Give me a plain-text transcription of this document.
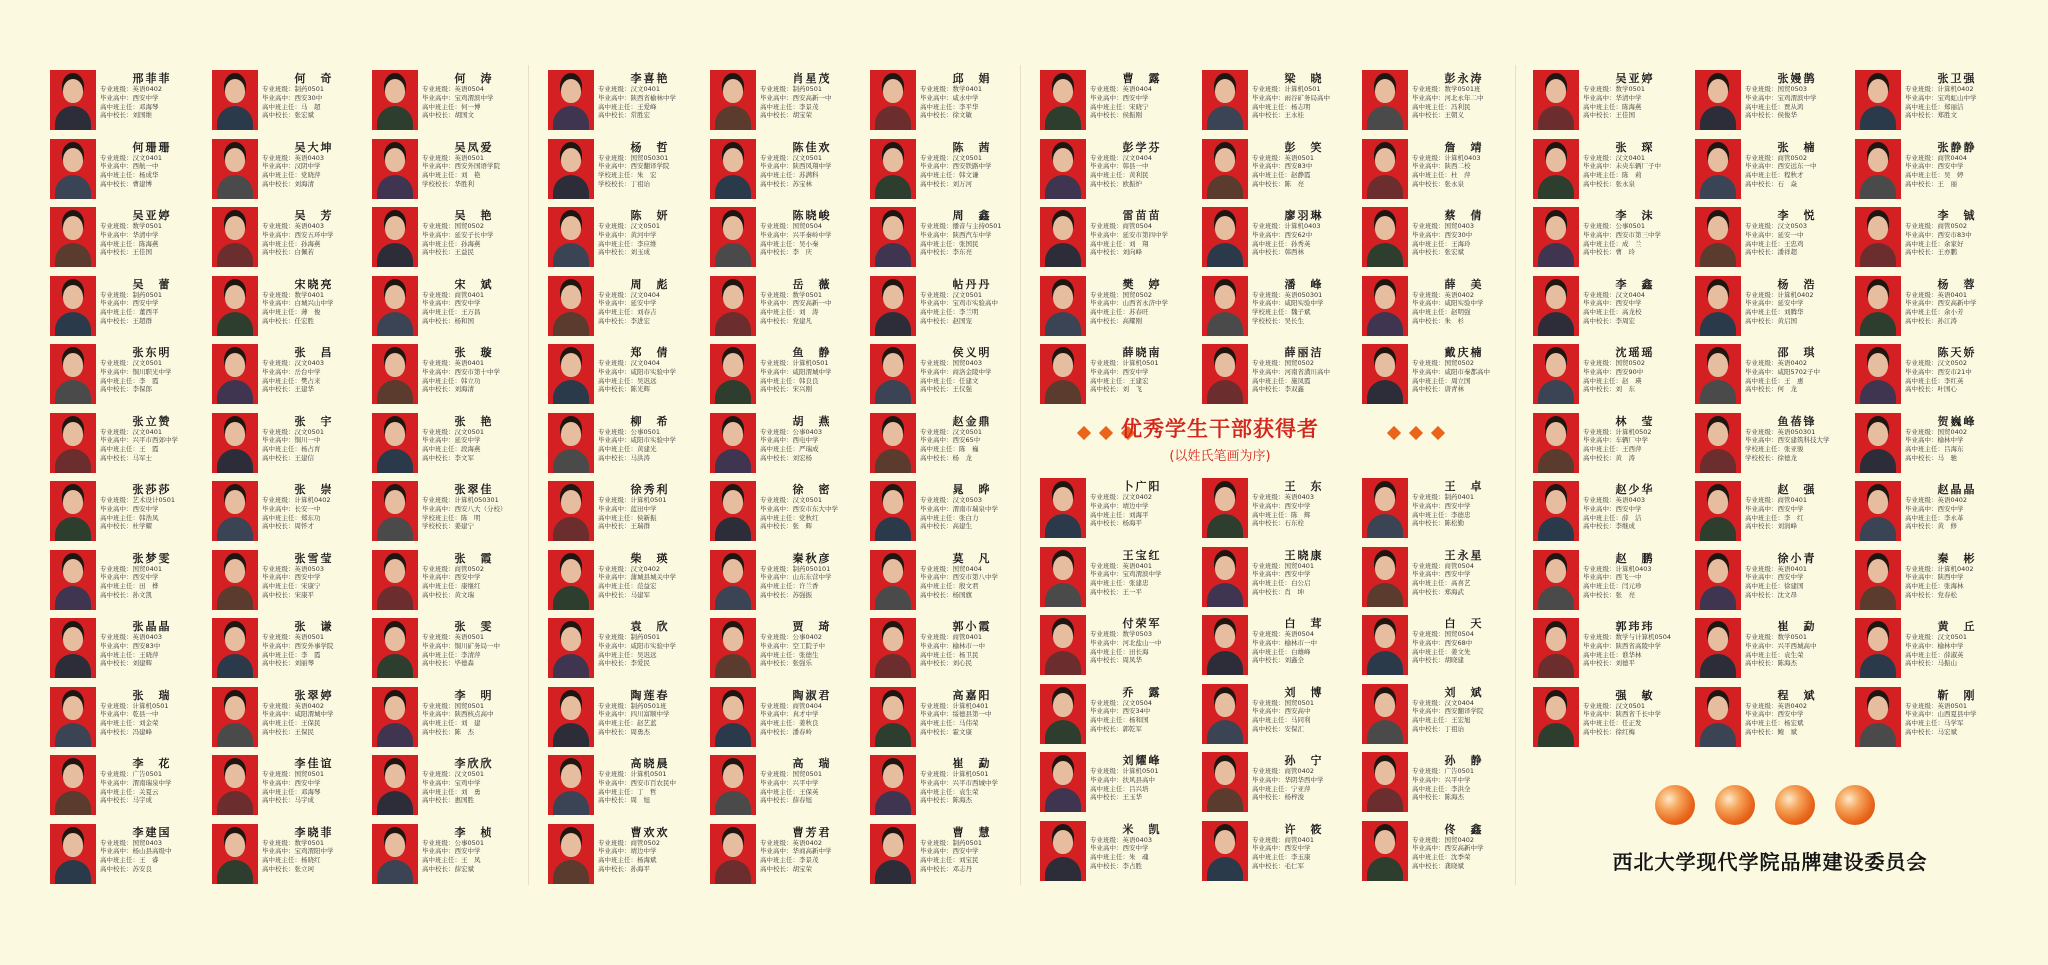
邢菲菲
专业班级：英语0402
毕业高中：西安中学
高中班主任：邓海琴
高中校长：刘国维
何珊珊
专业班级：汉文0401
毕业高中：西航一中
高中班主任：杨成华
高中校长：曹建博
吴亚婷
专业班级：数学0501
毕业高中：华清中学
高中班主任：陈海燕
高中校长：王佳国
吴　蕾
专业班级：制药0501
毕业高中：西安中学
高中班主任：董西平
高中校长：王超群
张东明
专业班级：汉文0501
毕业高中：铜川职光中学
高中班主任：李　霞
高中校长：李保郎
张立赞
专业班级：汉文0401
毕业高中：兴平市西郊中学
高中班主任：王　霞
高中校长：马军士
张莎莎
专业班级：艺术设计0501
毕业高中：西安中学
高中班主任：韩浩凤
高中校长：杜学耀
张梦雯
专业班级：国贸0401
毕业高中：西安中学
高中班主任：田　桦
高中校长：孙文凯
张晶晶
专业班级：英语0403
毕业高中：西安83中
高中班主任：王晓萍
高中校长：刘建辉
张　瑞
专业班级：计算机0501
毕业高中：乾县一中
高中班主任：刘金荣
高中校长：冯建峰
李　花
专业班级：广告0501
毕业高中：渭南瑞泉中学
高中班主任：关夏云
高中校长：马宇成
李建国
专业班级：国贸0403
毕业高中：杨山县高级中
高中班主任：王　睿
高中校长：苏安良
何　奇
专业班级：制药0501
毕业高中：西安30中
高中班主任：马　超
高中校长：张宏斌
吴大坤
专业班级：英语0403
毕业高中：汉阴中学
高中班主任：党晓萍
高中校长：刘海清
吴　芳
专业班级：英语0403
毕业高中：西安五环中学
高中班主任：孙海燕
高中校长：白佩若
宋晓亮
专业班级：数学0401
毕业高中：白城兴山中学
高中班主任：薄　俊
高中校长：任宏胜
张　昌
专业班级：汉文0403
毕业高中：岳台中学
高中班主任：樊占来
高中校长：王建华
张　宇
专业班级：汉文0501
毕业高中：铜川一中
高中班主任：杨占育
高中校长：王建信
张　崇
专业班级：计算机0402
毕业高中：长安一中
高中班主任：郑东功
高中校长：周怀才
张雪莹
专业班级：英语0503
毕业高中：西安中学
高中班主任：宋康宁
高中校长：宋康平
张　谦
专业班级：英语0501
毕业高中：西安外事学院
高中班主任：李　霞
高中校长：刘丽琴
张翠婷
专业班级：英语0402
毕业高中：咸阳渭城中学
高中班主任：王保民
高中校长：王保民
李佳谊
专业班级：国贸0501
毕业高中：西安中学
高中班主任：邓海琴
高中校长：马宇成
李晓菲
专业班级：数学0501
毕业高中：宝鸡渭阳中学
高中班主任：杨晓红
高中校长：张立珂
何　涛
专业班级：英语0504
毕业高中：宝鸡渭滨中学
高中班主任：何一博
高中校长：胡国文
吴凤爱
专业班级：英语0501
毕业高中：西安外国语学院
高中班主任：刘　艳
学校校长：华胜利
吴　艳
专业班级：国贸0502
毕业高中：延安子长中学
高中班主任：孙海燕
高中校长：王益民
宋　斌
专业班级：商管0401
毕业高中：西安中学
高中班主任：王万昌
高中校长：杨和国
张　璇
专业班级：英语0401
毕业高中：西安市第十中学
高中班主任：韩立功
高中校长：刘海清
张　艳
专业班级：汉文0501
毕业高中：延安中学
高中班主任：段海燕
高中校长：李文军
张翠佳
专业班级：计算机050301
毕业高中：西安八大（分校）
学校班主任：陈　明
学校校长：姜建宁
张　霞
专业班级：商管0502
毕业高中：西安中学
高中班主任：康继红
高中校长：黄文瑞
张　雯
专业班级：英语0501
毕业高中：铜川矿务局一中
高中班主任：李清萍
高中校长：毕德森
李　明
专业班级：国贸0501
毕业高中：陕西核点高中
高中班主任：刘　建
高中校长：陈　杰
李欣欣
专业班级：汉文0501
毕业高中：宝鸡中学
高中班主任：刘　勇
高中校长：惠国胜
李　桢
专业班级：公事0501
毕业高中：西安中学
高中班主任：王　凤
高中校长：薛宏斌
李喜艳
专业班级：汉文0401
毕业高中：陕西省榆林中学
高中班主任：王爱峰
高中校长：常胜宏
杨　哲
专业班级：国贸050301
毕业高中：西安翻译学院
学校班主任：朱　宏
学校校长：丁祖诒
陈　妍
专业班级：汉文0501
毕业高中：黄河中学
高中班主任：李应维
高中校长：刘玉成
周　彪
专业班级：汉文0404
毕业高中：延安中学
高中班主任：刘春吉
高中校长：李进宏
郑　倩
专业班级：汉文0404
毕业高中：咸阳市实验中学
高中班主任：吴迟远
高中校长：陈光辉
柳　希
专业班级：公事0501
毕业高中：咸阳市实验中学
高中班主任：黄建光
高中校长：马洪涛
徐秀利
专业班级：计算机0501
毕业高中：蓝田中学
高中班主任：侯新振
高中校长：王瑞群
柴　瑛
专业班级：汉文0402
毕业高中：蒲城县城关中学
高中班主任：范益宏
高中校长：马建军
袁　欣
专业班级：制药0501
毕业高中：咸阳市实验中学
高中班主任：吴迟远
高中校长：李爱民
陶莲春
专业班级：制药0501班
毕业高中：四川富顺中学
高中班主任：赵艺蓝
高中校长：周勇杰
高晓晨
专业班级：计算机0501
毕业高中：西安市百农民中
高中班主任：丁　哲
高中校长：周　旭
曹欢欢
专业班级：商管0502
毕业高中：靖边中学
高中班主任：杨海斌
高中校长：孙海平
肖星茂
专业班级：制药0501
毕业高中：西安高新一中
高中班主任：李景茂
高中校长：胡宝荣
陈佳欢
专业班级：汉文0501
毕业高中：陕西风翔中学
高中班主任：苏满科
高中校长：苏宝林
陈晓峻
专业班级：国贸0504
毕业高中：兴平秦岭中学
高中班主任：吴小秦
高中校长：李　庆
岳　薇
专业班级：数学0501
毕业高中：西安高新一中
高中班主任：刘　涛
高中校长：党建凡
鱼　静
专业班级：计算机0501
毕业高中：咸阳渭城中学
高中班主任：韩良良
高中校长：宋兴刚
胡　燕
专业班级：公事0403
毕业高中：西电中学
高中班主任：严瑞成
高中校长：刘宏杨
徐　密
专业班级：汉文0501
毕业高中：西安市东大中学
高中班主任：党秋红
高中校长：张　辉
秦秋彦
专业班级：制药050101
毕业高中：山东东营中学
高中班主任：许兰香
高中校长：苏强振
贾　琦
专业班级：公事0402
毕业高中：空工院子中
高中班主任：张德生
高中校长：张强乐
陶淑君
专业班级：商管0404
毕业高中：真才中学
高中班主任：姜秋良
高中校长：潘春岭
高　瑞
专业班级：国贸0501
毕业高中：兴平中学
高中班主任：王保英
高中校长：薛春旭
曹芳君
专业班级：英语0402
毕业高中：华商高新中学
高中班主任：李景茂
高中校长：胡宝荣
邱　娟
专业班级：数学0401
毕业高中：咸水中学
高中班主任：李平华
高中校长：徐文敏
陈　茜
专业班级：汉文0501
毕业高中：西安铁路中学
高中班主任：韩文谦
高中校长：刘万河
周　鑫
专业班级：播音与主持0501
毕业高中：陕西汽车中学
高中班主任：张国民
高中校长：李东亮
帖丹丹
专业班级：汉文0501
毕业高中：宝鸡市实验高中
高中班主任：李兰明
高中校长：赵国宠
侯义明
专业班级：国贸0403
毕业高中：商洛金陵中学
高中班主任：任建文
高中校长：王仪强
赵金鼎
专业班级：汉文0501
毕业高中：西安65中
高中班主任：陈　巍
高中校长：杨　龙
晁　晔
专业班级：汉文0503
毕业高中：渭南市瑞泉中学
高中班主任：张白力
高中校长：高建生
莫　凡
专业班级：国贸0404
毕业高中：西安市第八中学
高中班主任：殷文君
高中校长：杨国旗
郭小霞
专业班级：商管0401
毕业高中：榆林市一中
高中班主任：杨卫民
高中校长：刘心民
高嘉阳
专业班级：计算机0401
毕业高中：绥德县第一中
高中班主任：马伟荣
高中校长：霍文康
崔　勐
专业班级：计算机0501
毕业高中：兴平市西城中学
高中班主任：袁生荣
高中校长：陈海杰
曹　慧
专业班级：制药0501
毕业高中：西安中学
高中班主任：刘宝民
高中校长：邓志丹
曹　露
专业班级：英语0404
毕业高中：西安中学
高中班主任：宋晓宁
高中校长：侯振刚
彭学芬
专业班级：汉文0404
毕业高中：韩县一中
高中班主任：黄利民
高中校长：欧振炉
雷苗苗
专业班级：商管0504
毕业高中：延安市第四中学
高中班主任：刘　翔
高中校长：刘向峰
樊　婷
专业班级：国贸0502
毕业高中：山西省永济中学
高中班主任：苏春旺
高中校长：高耀刚
薛晓南
专业班级：计算机0501
毕业高中：西安中学
高中班主任：王建宏
高中校长：刘　飞
卜广阳
专业班级：汉文0402
毕业高中：靖边中学
高中班主任：刘海平
高中校长：杨海平
王宝红
专业班级：英语0401
毕业高中：宝鸡渭滨中学
高中班主任：张建忠
高中校长：王一平
付荣军
专业班级：数学0503
毕业高中：河北盐山一中
高中班主任：田长海
高中校长：周凤华
乔　露
专业班级：汉文0504
毕业高中：西安34中
高中班主任：杨和国
高中校长：郭乾军
刘耀峰
专业班级：计算机0501
毕业高中：扶风县高中
高中班主任：吕兴培
高中校长：王玉华
米　凯
专业班级：英语0403
毕业高中：西安中学
高中班主任：朱　魂
高中校长：李占胜
梁　晓
专业班级：计算机0501
毕业高中：雨谷矿务局高中
高中班主任：杨志明
高中校长：王永桂
彭　笑
专业班级：英语0501
毕业高中：西安83中
高中班主任：赵静霞
高中校长：陈　亮
廖羽琳
专业班级：计算机0403
毕业高中：西安62中
高中班主任：孙秀英
高中校长：韩西林
潘　峰
专业班级：英语050301
毕业高中：咸阳实验中学
学校班主任：魏子斌
学校校长：吴长生
薛丽洁
专业班级：国贸0502
毕业高中：河南省潢川高中
高中班主任：施凤霞
高中校长：李双鑫
王　东
专业班级：英语0403
毕业高中：西安中学
高中班主任：陈　辉
高中校长：石东栓
王晓康
专业班级：国贸0401
毕业高中：西安中学
高中班主任：白公启
高中校长：肖　坤
白　茸
专业班级：英语0504
毕业高中：榆林市一中
高中班主任：白雄峰
高中校长：刘鑫全
刘　博
专业班级：国贸0501
毕业高中：西安高中
高中班主任：马同利
高中校长：安保汇
孙　宁
专业班级：商管0402
毕业高中：华阴华西中学
高中班主任：宁亚萍
高中校长：杨梓浚
许　筱
专业班级：商管0401
毕业高中：西安中学
高中班主任：李玉康
高中校长：毛仁军
彭永涛
专业班级：数学0501班
毕业高中：河北永年二中
高中班主任：冯利民
高中校长：王朝义
詹　靖
专业班级：计算机0403
毕业高中：陕西二校
高中班主任：杜　萍
高中校长：张永泉
蔡　倩
专业班级：国贸0403
毕业高中：西安30中
高中班主任：王海玲
高中校长：张宏斌
薛　美
专业班级：英语0402
毕业高中：咸阳实验中学
高中班主任：赵明强
高中校长：朱　杉
戴庆楠
专业班级：国贸0502
毕业高中：咸阳市秦都高中
高中班主任：周立国
高中校长：唐青林
王　卓
专业班级：制药0401
毕业高中：西安中学
高中班主任：李德忠
高中校长：陈松勤
王永星
专业班级：商管0504
毕业高中：西安中学
高中班主任：高喜艺
高中校长：郑海武
白　天
专业班级：国贸0504
毕业高中：西安68中
高中班主任：姜文先
高中校长：胡晓建
刘　斌
专业班级：汉文0404
毕业高中：西安翻译学院
高中班主任：王宏旭
高中校长：丁祖诒
孙　静
专业班级：广告0501
毕业高中：兴平中学
高中班主任：李洪全
高中校长：陈海杰
佟　鑫
专业班级：国贸0402
毕业高中：西安高新中学
高中班主任：沈季荣
高中校长：龚晓斌
吴亚婷
专业班级：数学0501
毕业高中：华清中学
高中班主任：陈海燕
高中校长：王佳国
张　琛
专业班级：汉文0401
毕业高中：未央车辆厂子中
高中班主任：陈　莉
高中校长：张永泉
李　沫
专业班级：公事0501
毕业高中：西安市第三中学
高中班主任：成　兰
高中校长：曹　玲
李　鑫
专业班级：汉文0404
毕业高中：西安中学
高中班主任：高龙校
高中校长：李周宏
沈瑶瑶
专业班级：国贸0502
毕业高中：西安90中
高中班主任：赵　瑛
高中校长：刘　东
林　莹
专业班级：计算机0502
毕业高中：车辆厂中学
高中班主任：王西萍
高中校长：黄　涛
赵少华
专业班级：英语0403
毕业高中：西安中学
高中班主任：薛　洁
高中校长：李继成
赵　鹏
专业班级：计算机0403
毕业高中：西飞一中
高中班主任：闫元珍
高中校长：张　亮
郭玮玮
专业班级：数学与计算机0504
毕业高中：陕西省高陵中学
高中班主任：谯华林
高中校长：刘德平
强　敏
专业班级：汉文0501
毕业高中：陕西省千长中学
高中班主任：任正发
高中校长：徐红梅
张嫚鹊
专业班级：国贸0503
毕业高中：宝鸡渭滨中学
高中班主任：贾从鸿
高中校长：侯俊华
张　楠
专业班级：商管0502
毕业高中：西安远东一中
高中班主任：程秋才
高中校长：石　焱
李　悦
专业班级：汉文0503
毕业高中：延安一中
高中班主任：王忠鸡
高中校长：潘祥超
杨　浩
专业班级：计算机0402
毕业高中：延安中学
高中班主任：刘腾华
高中校长：黄启国
邵　琪
专业班级：英语0402
毕业高中：咸阳5702子中
高中班主任：王　惠
高中校长：何　龙
鱼蓓锋
专业班级：英语050301
毕业高中：西安建筑科技大学
学校班主任：张亚骏
学校校长：徐德龙
赵　强
专业班级：商管0401
毕业高中：西安中学
高中班主任：李　红
高中校长：刘润峰
徐小青
专业班级：英语0401
毕业高中：西安中学
高中班主任：徐建国
高中校长：沈文昂
崔　勐
专业班级：数学0501
毕业高中：兴平西城高中
高中班主任：袁生荣
高中校长：陈海杰
程　斌
专业班级：英语0402
毕业高中：西安中学
高中班主任：杨宏斌
高中校长：鲍　斌
张卫强
专业班级：计算机0402
毕业高中：宝鸡虹山中学
高中班主任：郑丽洁
高中校长：郑胜文
张静静
专业班级：商管0404
毕业高中：西安中学
高中班主任：吴　婷
高中校长：王　丽
李　铖
专业班级：商管0502
毕业高中：西安市83中
高中班主任：余家好
高中校长：王亦鹏
杨　蓉
专业班级：英语0401
毕业高中：西安高新中学
高中班主任：余小芳
高中校长：孙江涛
陈天娇
专业班级：汉文0502
毕业高中：西安市21中
高中班主任：李红英
高中校长：叶国心
贺巍峰
专业班级：国贸0402
毕业高中：榆林中学
高中班主任：吕海东
高中校长：马　驰
赵晶晶
专业班级：英语0402
毕业高中：西安中学
高中班主任：李永革
高中校长：黄　修
秦　彬
专业班级：计算机0402
毕业高中：陕西中学
高中班主任：张海林
高中校长：党春松
黄　丘
专业班级：汉文0501
毕业高中：榆林中学
高中班主任：薛淑英
高中校长：马振山
靳　刚
专业班级：英语0501
毕业高中：山西夏县中学
高中班主任：马学军
高中校长：马宏斌
优秀学生干部获得者
(以姓氏笔画为序)
西北大学现代学院品牌建设委员会
